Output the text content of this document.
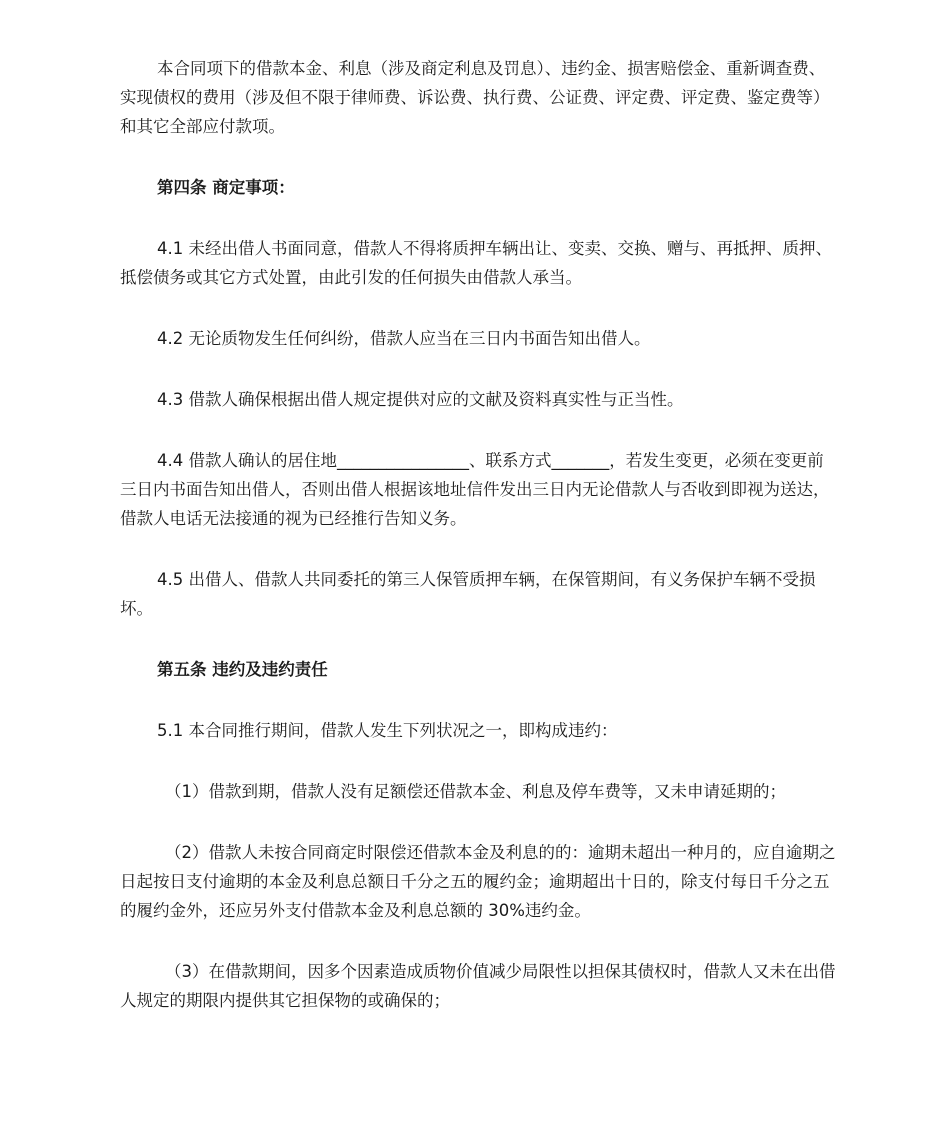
本合同项下的借款本金、利息（涉及商定利息及罚息）、违约金、损害赔偿金、重新调查费、实现债权的费用（涉及但不限于律师费、诉讼费、执行费、公证费、评定费、评定费、鉴定费等）和其它全部应付款项。

第四条 商定事项：

4.1 未经出借人书面同意，借款人不得将质押车辆出让、变卖、交换、赠与、再抵押、质押、抵偿债务或其它方式处置，由此引发的任何损失由借款人承当。

4.2 无论质物发生任何纠纷，借款人应当在三日内书面告知出借人。

4.3 借款人确保根据出借人规定提供对应的文献及资料真实性与正当性。

4.4 借款人确认的居住地________________、联系方式_______，若发生变更，必须在变更前三日内书面告知出借人，否则出借人根据该地址信件发出三日内无论借款人与否收到即视为送达，借款人电话无法接通的视为已经推行告知义务。

4.5 出借人、借款人共同委托的第三人保管质押车辆，在保管期间，有义务保护车辆不受损坏。

第五条 违约及违约责任

5.1 本合同推行期间，借款人发生下列状况之一，即构成违约：

（1）借款到期，借款人没有足额偿还借款本金、利息及停车费等，又未申请延期的；

（2）借款人未按合同商定时限偿还借款本金及利息的的：逾期未超出一种月的，应自逾期之日起按日支付逾期的本金及利息总额日千分之五的履约金；逾期超出十日的，除支付每日千分之五的履约金外，还应另外支付借款本金及利息总额的 30%违约金。

（3）在借款期间，因多个因素造成质物价值减少局限性以担保其债权时，借款人又未在出借人规定的期限内提供其它担保物的或确保的；
